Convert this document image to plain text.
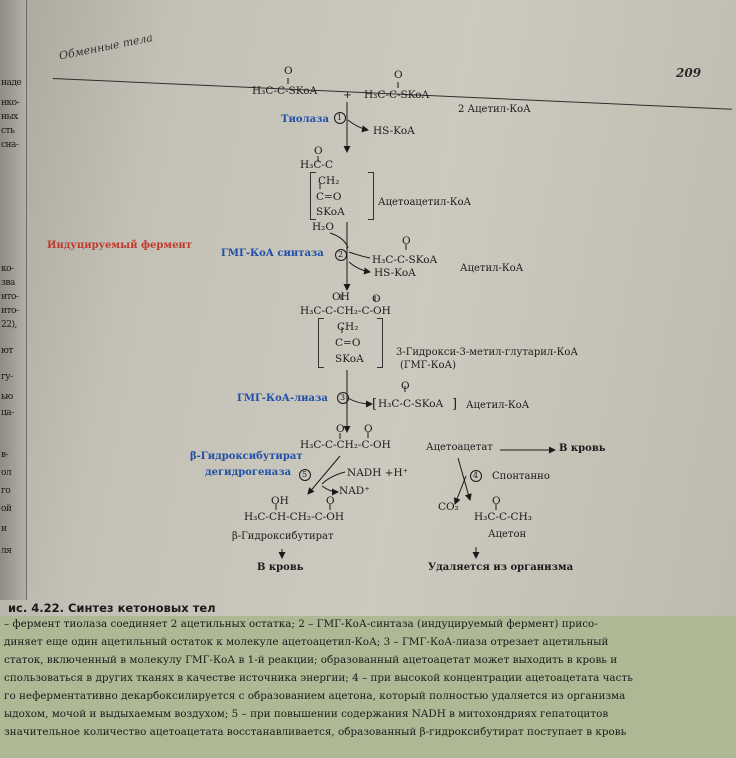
наде
нко-
ных
сть
сна-
ко-
зва
ито-
ито-
22),
ют
гу-
ью
ца-
в-
ол
го
ой
и
ля
Обменные тела
209
O
H₃C-C-SKoA +
O
H₃C-C-SKoA
2 Ацетил-КоА
Тиолаза 1
HS-KoA
O
H₃C-C
CH₂
C=O
SKoA
Ацетоацетил-КоА
H₂O
Индуцируемый фермент
ГМГ-КоА синтаза 2
O
H₃C-C-SKoA
Ацетил-КоА
HS-KoA
OH O
H₃C-C-CH₂-C-OH
CH₂
C=O
SKoA
3-Гидрокси-3-метил-глутарил-КоА
(ГМГ-КоА)
ГМГ-КоА-лиаза 3
O
[ H₃C-C-SKoA ] Ацетил-КоА
O O
H₃C-C-CH₂-C-OH	Ацетоацетат	В кровь
β-Гидроксибутират
дегидрогеназа 5	NADH +H⁺
NAD⁺
4 Спонтанно
CO₂
OH	O
H₃C-CH-CH₂-C-OH
β-Гидроксибутират
В кровь
O
H₃C-C-CH₃
Ацетон
Удаляется из организма
ис. 4.22. Синтез кетоновых тел
– фермент тиолаза соединяет 2 ацетильных остатка; 2 – ГМГ-КоА-синтаза (индуцируемый фермент) присо-
диняет еще один ацетильный остаток к молекуле ацетоацетил-КоА; 3 – ГМГ-КоА-лиаза отрезает ацетильный
статок, включенный в молекулу ГМГ-КоА в 1-й реакции; образованный ацетоацетат может выходить в кровь и
спользоваться в других тканях в качестве источника энергии; 4 – при высокой концентрации ацетоацетата часть
го неферментативно декарбоксилируется с образованием ацетона, который полностью удаляется из организма
ыдохом, мочой и выдыхаемым воздухом; 5 – при повышении содержания NADH в митохондриях гепатоцитов
значительное количество ацетоацетата восстанавливается, образованный β-гидроксибутират поступает в кровь
